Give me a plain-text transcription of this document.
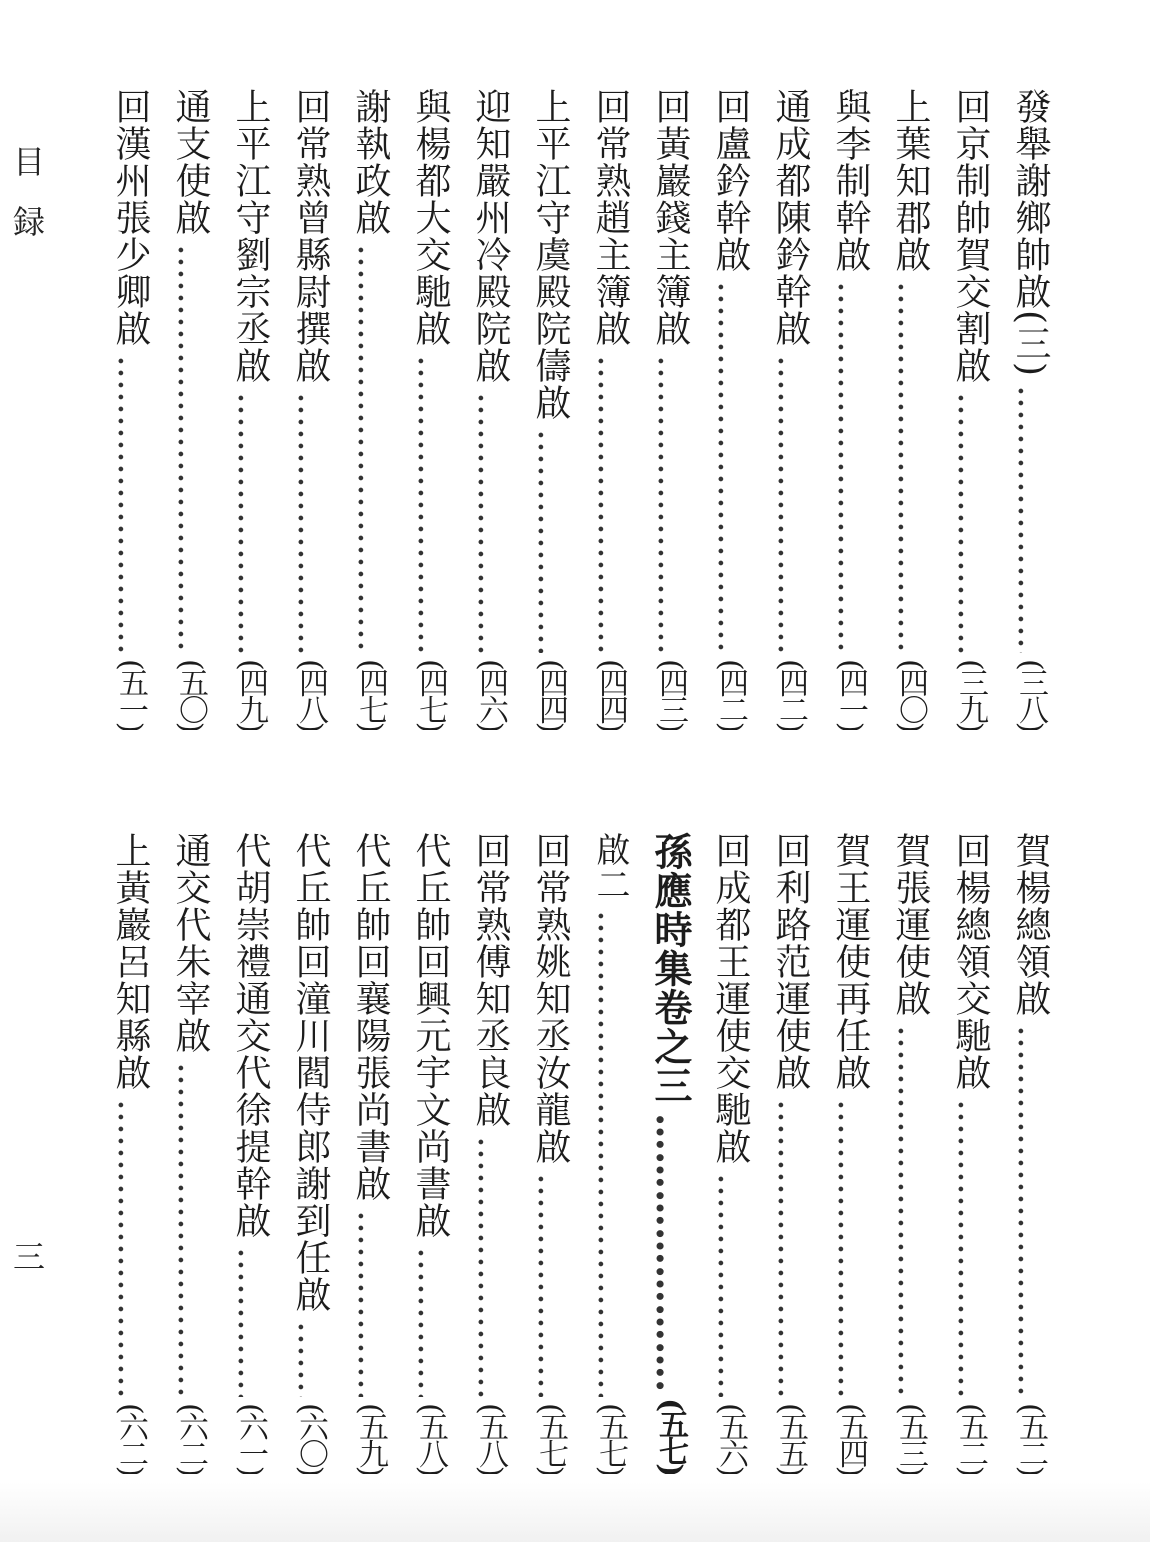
目録
三
發舉謝鄉帥啟(三)
…………………………………………………………………………………………………………
(三八)
回京制帥賀交割啟
…………………………………………………………………………………………………………
(三九)
上葉知郡啟
…………………………………………………………………………………………………………
(四〇)
與李制幹啟
…………………………………………………………………………………………………………
(四一)
通成都陳鈐幹啟
…………………………………………………………………………………………………………
(四二)
回盧鈐幹啟
…………………………………………………………………………………………………………
(四二)
回黃巖錢主簿啟
…………………………………………………………………………………………………………
(四三)
回常熟趙主簿啟
…………………………………………………………………………………………………………
(四四)
上平江守虞殿院儔啟
…………………………………………………………………………………………………………
(四四)
迎知嚴州冷殿院啟
…………………………………………………………………………………………………………
(四六)
與楊都大交馳啟
…………………………………………………………………………………………………………
(四七)
謝執政啟
…………………………………………………………………………………………………………
(四七)
回常熟曾縣尉撰啟
…………………………………………………………………………………………………………
(四八)
上平江守劉宗丞啟
…………………………………………………………………………………………………………
(四九)
通支使啟
…………………………………………………………………………………………………………
(五〇)
回漢州張少卿啟
…………………………………………………………………………………………………………
(五一)
賀楊總領啟
…………………………………………………………………………………………………………
(五二)
回楊總領交馳啟
…………………………………………………………………………………………………………
(五二)
賀張運使啟
…………………………………………………………………………………………………………
(五三)
賀王運使再任啟
…………………………………………………………………………………………………………
(五四)
回利路范運使啟
…………………………………………………………………………………………………………
(五五)
回成都王運使交馳啟
…………………………………………………………………………………………………………
(五六)
孫應時集卷之三
…………………………………………………………………………………………………………
(五七)
啟二
…………………………………………………………………………………………………………
(五七)
回常熟姚知丞汝龍啟
…………………………………………………………………………………………………………
(五七)
回常熟傅知丞良啟
…………………………………………………………………………………………………………
(五八)
代丘帥回興元宇文尚書啟
…………………………………………………………………………………………………………
(五八)
代丘帥回襄陽張尚書啟
…………………………………………………………………………………………………………
(五九)
代丘帥回潼川閻侍郎謝到任啟
…………………………………………………………………………………………………………
(六〇)
代胡崇禮通交代徐提幹啟
…………………………………………………………………………………………………………
(六一)
通交代朱宰啟
…………………………………………………………………………………………………………
(六二)
上黃巖呂知縣啟
…………………………………………………………………………………………………………
(六二)
